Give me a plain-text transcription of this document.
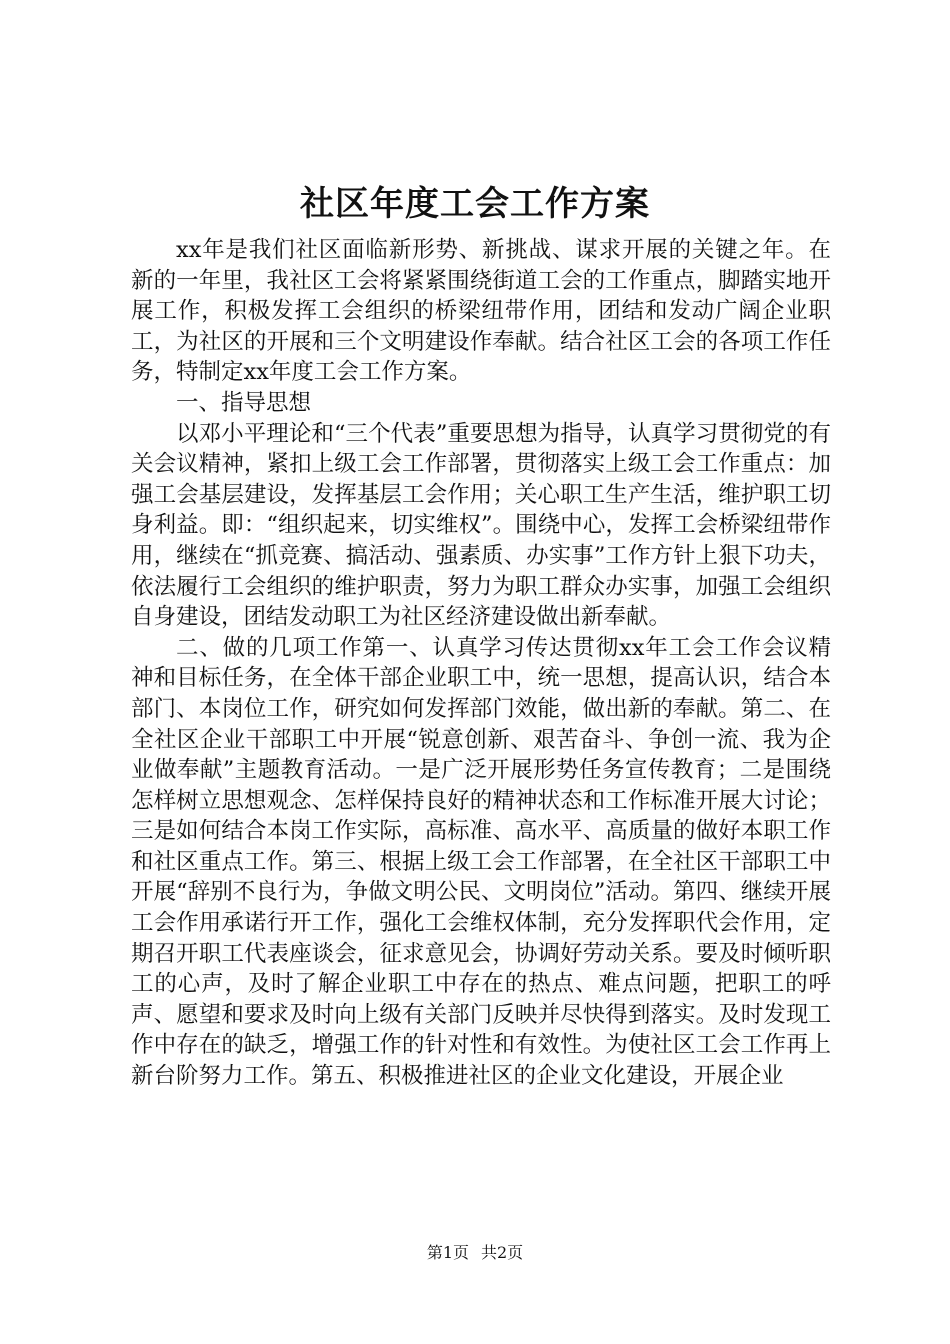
社区年度工会工作方案

xx年是我们社区面临新形势、新挑战、谋求开展的关键之年。在新的一年里，我社区工会将紧紧围绕街道工会的工作重点，脚踏实地开展工作，积极发挥工会组织的桥梁纽带作用，团结和发动广阔企业职工，为社区的开展和三个文明建设作奉献。结合社区工会的各项工作任务，特制定xx年度工会工作方案。

一、指导思想

以邓小平理论和“三个代表”重要思想为指导，认真学习贯彻党的有关会议精神，紧扣上级工会工作部署，贯彻落实上级工会工作重点：加强工会基层建设，发挥基层工会作用；关心职工生产生活，维护职工切身利益。即：“组织起来，切实维权”。围绕中心，发挥工会桥梁纽带作用，继续在“抓竞赛、搞活动、强素质、办实事”工作方针上狠下功夫，依法履行工会组织的维护职责，努力为职工群众办实事，加强工会组织自身建设，团结发动职工为社区经济建设做出新奉献。

二、做的几项工作第一、认真学习传达贯彻xx年工会工作会议精神和目标任务，在全体干部企业职工中，统一思想，提高认识，结合本部门、本岗位工作，研究如何发挥部门效能，做出新的奉献。第二、在全社区企业干部职工中开展“锐意创新、艰苦奋斗、争创一流、我为企业做奉献”主题教育活动。一是广泛开展形势任务宣传教育；二是围绕怎样树立思想观念、怎样保持良好的精神状态和工作标准开展大讨论；三是如何结合本岗工作实际，高标准、高水平、高质量的做好本职工作和社区重点工作。第三、根据上级工会工作部署，在全社区干部职工中开展“辞别不良行为，争做文明公民、文明岗位”活动。第四、继续开展工会作用承诺行开工作，强化工会维权体制，充分发挥职代会作用，定期召开职工代表座谈会，征求意见会，协调好劳动关系。要及时倾听职工的心声，及时了解企业职工中存在的热点、难点问题，把职工的呼声、愿望和要求及时向上级有关部门反映并尽快得到落实。及时发现工作中存在的缺乏，增强工作的针对性和有效性。为使社区工会工作再上新台阶努力工作。第五、积极推进社区的企业文化建设，开展企业

第1页 共2页
